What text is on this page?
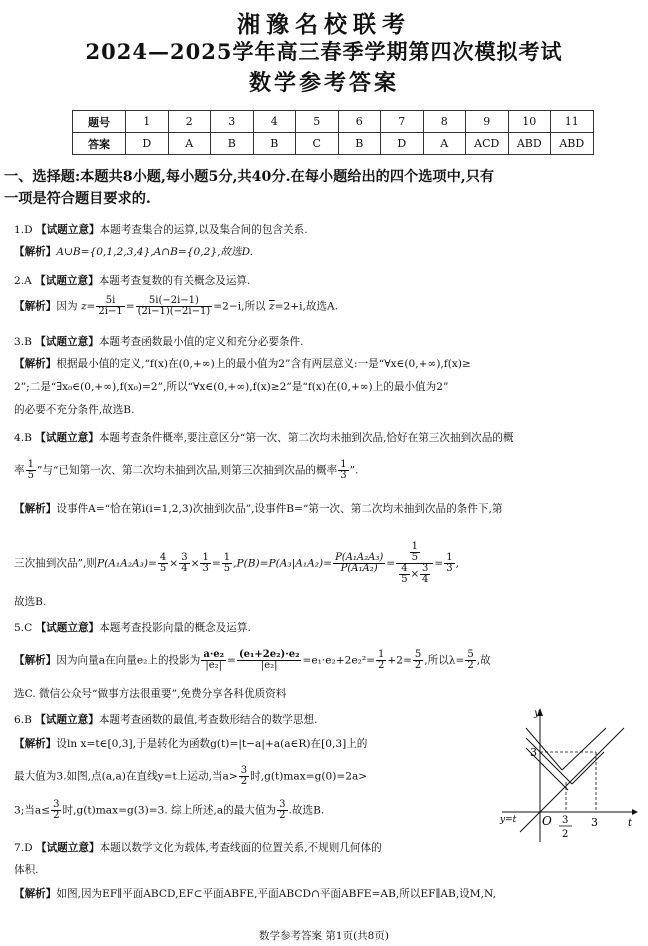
湘豫名校联考
2024—2025学年高三春季学期第四次模拟考试
数学参考答案
题号	1	2	3	4	5	6	7	8	9	10	11
答案	D	A	B	B	C	B	D	A	ACD	ABD	ABD
一、选择题:本题共8小题,每小题5分,共40分.在每小题给出的四个选项中,只有
一项是符合题目要求的.
1.D 【试题立意】本题考查集合的运算,以及集合间的包含关系.
【解析】A∪B={0,1,2,3,4},A∩B={0,2},故选D.
2.A 【试题立意】本题考查复数的有关概念及运算.
【解析】因为 $z= \frac{5i}{2i-1} = \frac{5i(-2i-1)}{(2i-1)(-2i-1)} =2-i$,所以 $\overline{z}=2+i$,故选A.
3.B 【试题立意】本题考查函数最小值的定义和充分必要条件.
【解析】根据最小值的定义,“f(x)在(0,+∞)上的最小值为2”含有两层意义:一是“∀x∈(0,+∞),f(x)≥
2”;二是“∃x₀∈(0,+∞),f(x₀)=2”,所以“∀x∈(0,+∞),f(x)≥2”是“f(x)在(0,+∞)上的最小值为2”
的必要不充分条件,故选B.
4.B 【试题立意】本题考查条件概率,要注意区分“第一次、第二次均未抽到次品,恰好在第三次抽到次品的概
率 $\frac{1}{5}$ ”与“已知第一次、第二次均未抽到次品,则第三次抽到次品的概率 $\frac{1}{3}$ ”.
【解析】设事件A=“恰在第i(i=1,2,3)次抽到次品”,设事件B=“第一次、第二次均未抽到次品的条件下,第
三次抽到次品”,则$P(A_1A_2A_3)= \frac{4}{5} \times \frac{3}{4} \times \frac{1}{3} = \frac{1}{5} ,P(B)=P(A_3|A_1A_2)= \frac{\text{P(A₁A₂A₃)}}{\text{P(A₁A₂)}} = \frac{\frac{1}{5}}{\frac{4}{5} \times \frac{3}{4}} = \frac{1}{3}$ ,
故选B.
5.C 【试题立意】本题考查投影向量的概念及运算.
【解析】因为向量a在向量e₂上的投影为 $\frac{\text{a·e₂}}{\text{|e₂|}} = \frac{\text{(e₁+2e₂)·e₂}}{\text{|e₂|}} =e_1\cdot e_2+2e_2^2= \frac{1}{2} +2= \frac{5}{2}$ ,所以$\lambda= \frac{5}{2}$ ,故
选C. 微信公众号“做事方法很重要”,免费分享各科优质资料
6.B 【试题立意】本题考查函数的最值,考查数形结合的数学思想.
【解析】设ln x=t∈[0,3],于是转化为函数g(t)=|t−a|+a(a∈R)在[0,3]上的
最大值为3.如图,点(a,a)在直线y=t上运动,当$a> \frac{3}{2}$ 时,g(t)max=g(0)=2a>
3;当$a\le \frac{3}{2}$ 时,g(t)max=g(3)=3. 综上所述,a的最大值为 $\frac{3}{2}$ .故选B.
y
t
O
3
3
3
2
y=t
7.D 【试题立意】本题以数学文化为载体,考查线面的位置关系,不规则几何体的
体积.
【解析】如图,因为EF∥平面ABCD,EF⊂平面ABFE,平面ABCD∩平面ABFE=AB,所以EF∥AB,设M,N,
数学参考答案 第1页(共8页)
